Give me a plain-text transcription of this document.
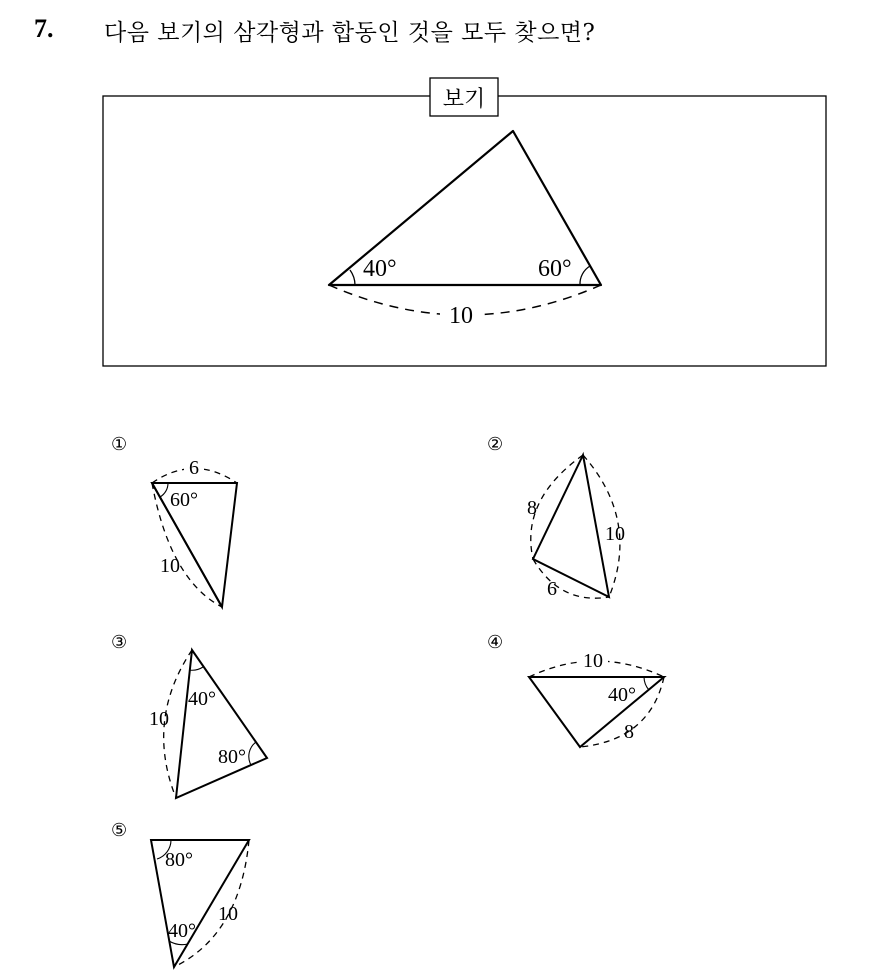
7. 다음 보기의 삼각형과 합동인 것을 모두 찾으면?
보기
40°	60°
10
①
6
60°
10
②
8
10
6
③
10
40°
80°
④
10
40°
8
⑤
80°
40°
10
